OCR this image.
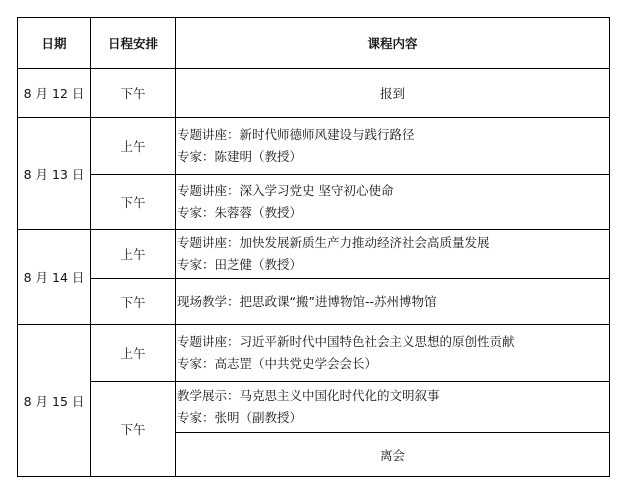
日期	日程安排	课程内容
8 月 12 日	下午	报到
8 月 13 日	上午	专题讲座：新时代师德师风建设与践行路径
专家：陈建明（教授）

	下午	专题讲座：深入学习党史 坚守初心使命
专家：朱蓉蓉（教授）

8 月 14 日	上午	专题讲座：加快发展新质生产力推动经济社会高质量发展
专家：田芝健（教授）

	下午	现场教学：把思政课“搬”进博物馆--苏州博物馆

8 月 15 日	上午	专题讲座：习近平新时代中国特色社会主义思想的原创性贡献
专家：高志罡（中共党史学会会长）

	下午	教学展示：马克思主义中国化时代化的文明叙事
专家：张明（副教授）

		离会
